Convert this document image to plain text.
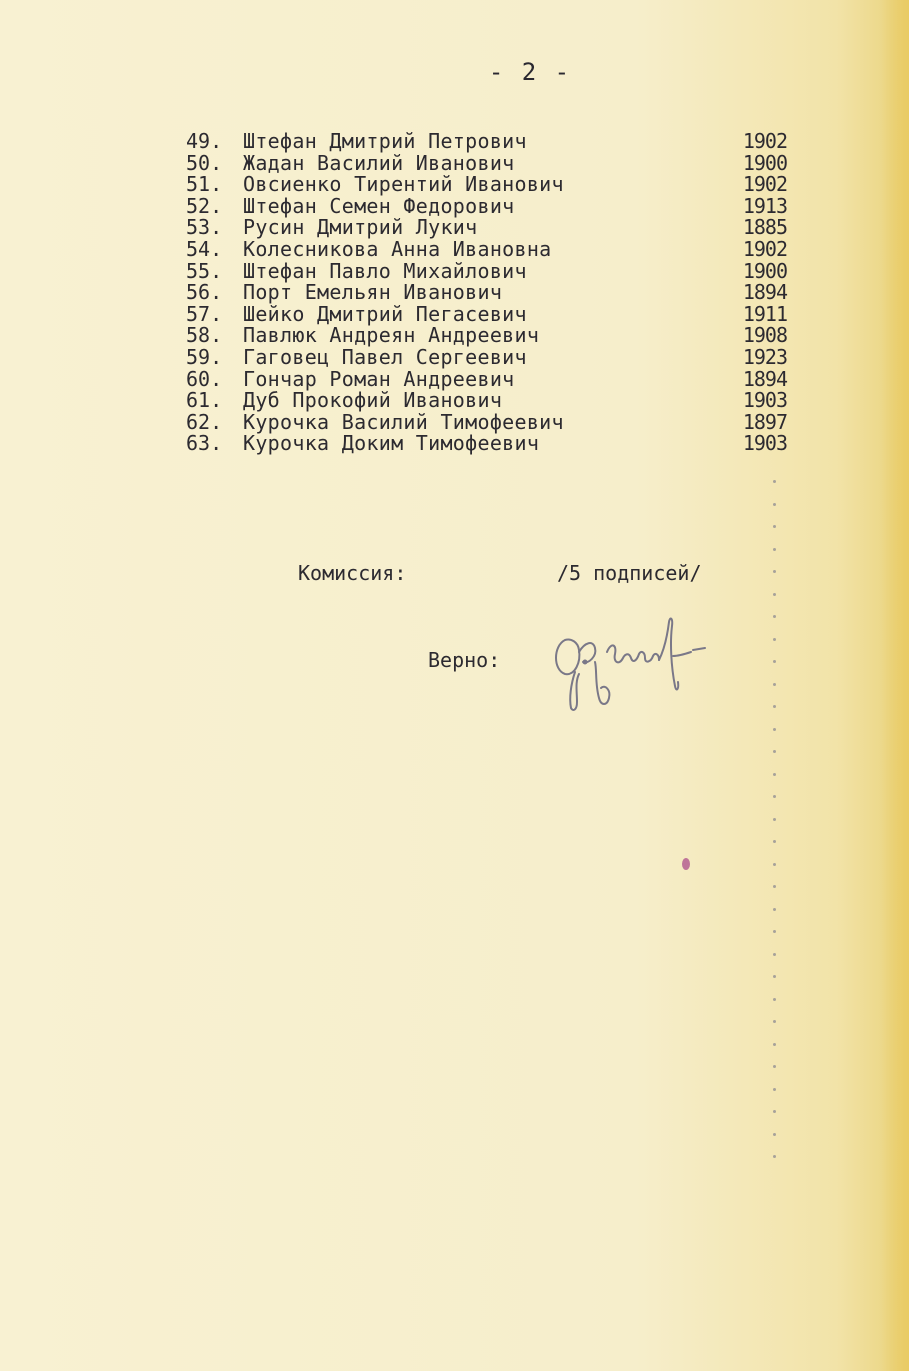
- 2 -
49.	Штефан Дмитрий Петрович	1902
50.	Жадан Василий Иванович	1900
51.	Овсиенко Тирентий Иванович	1902
52.	Штефан Семен Федорович	1913
53.	Русин Дмитрий Лукич	1885
54.	Колесникова Анна Ивановна	1902
55.	Штефан Павло Михайлович	1900
56.	Порт Емельян Иванович	1894
57.	Шейко Дмитрий Пегасевич	1911
58.	Павлюк Андреян Андреевич	1908
59.	Гаговец Павел Сергеевич	1923
60.	Гончар Роман Андреевич	1894
61.	Дуб Прокофий Иванович	1903
62.	Курочка Василий Тимофеевич	1897
63.	Курочка Доким Тимофеевич	1903
Комиссия:	/5 подписей/
Верно:
